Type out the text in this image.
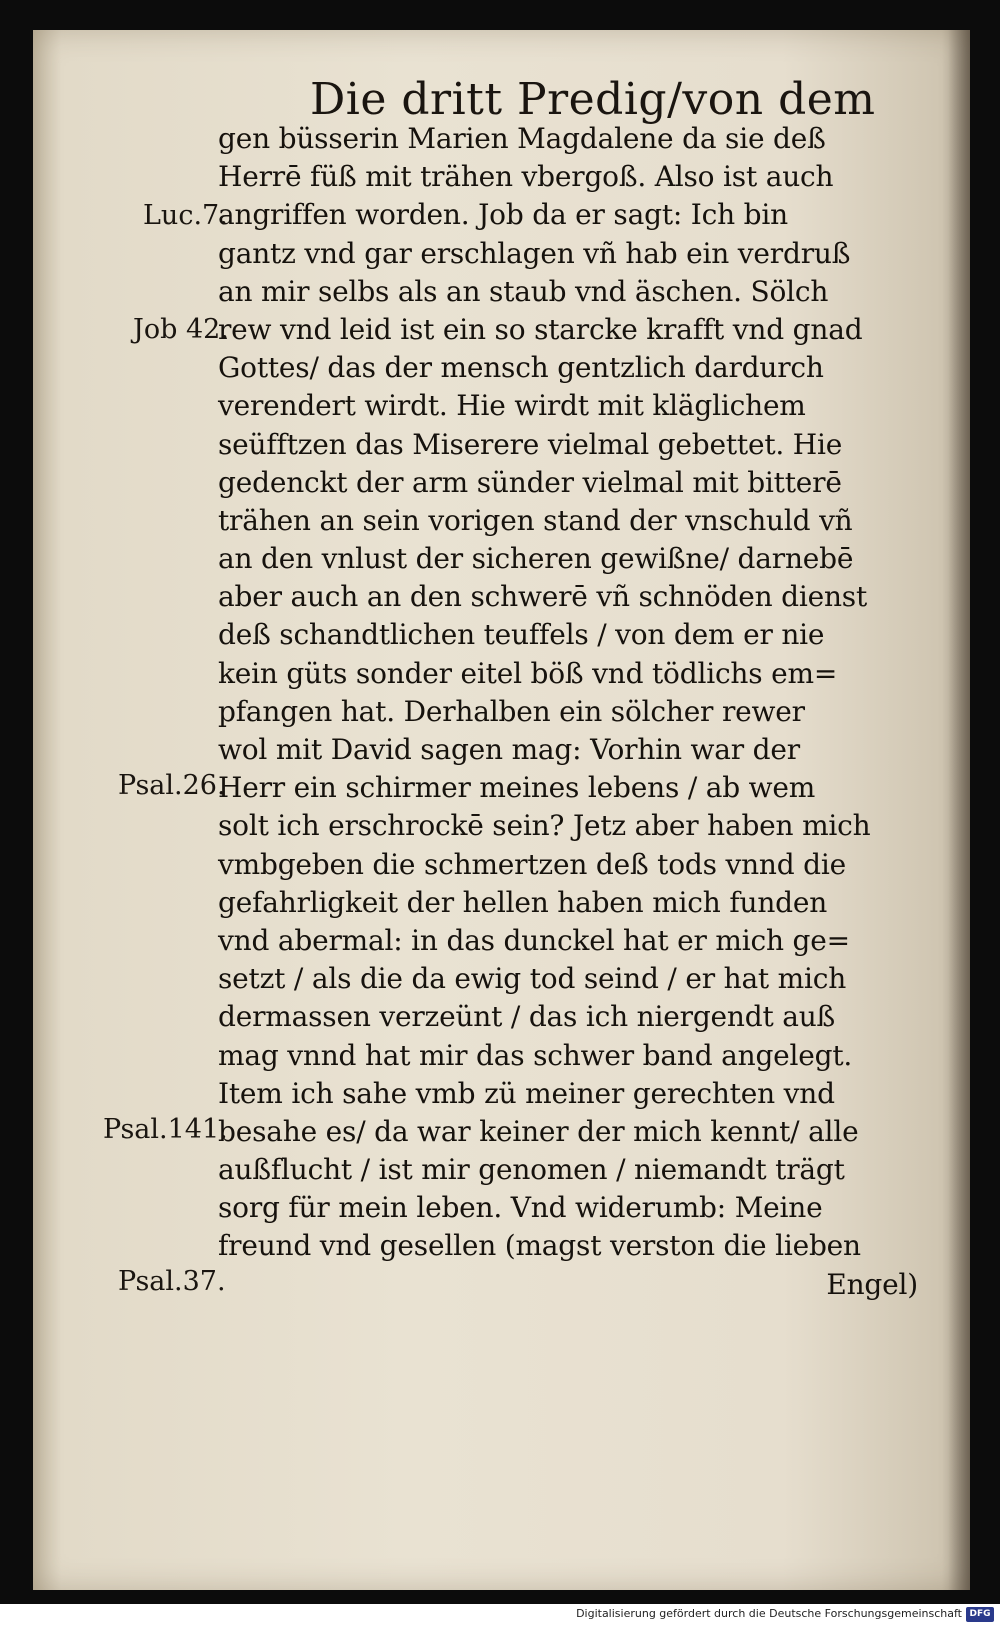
Die dritt Predig/von dem
gen büsserin Marien Magdalene da sie deß
Herrē füß mit trähen vbergoß. Also ist auch
angriffen worden. Job da er sagt: Ich bin
gantz vnd gar erschlagen vñ hab ein verdruß
an mir selbs als an staub vnd äschen. Sölch
rew vnd leid ist ein so starcke krafft vnd gnad
Gottes/ das der mensch gentzlich dardurch
verendert wirdt. Hie wirdt mit kläglichem
seüfftzen das Miserere vielmal gebettet. Hie
gedenckt der arm sünder vielmal mit bitterē
trähen an sein vorigen stand der vnschuld vñ
an den vnlust der sicheren gewißne/ darnebē
aber auch an den schwerē vñ schnöden dienst
deß schandtlichen teuffels / von dem er nie
kein güts sonder eitel böß vnd tödlichs em=
pfangen hat. Derhalben ein sölcher rewer
wol mit David sagen mag: Vorhin war der
Herr ein schirmer meines lebens / ab wem
solt ich erschrockē sein? Jetz aber haben mich
vmbgeben die schmertzen deß tods vnnd die
gefahrligkeit der hellen haben mich funden
vnd abermal: in das dunckel hat er mich ge=
setzt / als die da ewig tod seind / er hat mich
dermassen verzeünt / das ich niergendt auß
mag vnnd hat mir das schwer band angelegt.
Item ich sahe vmb zü meiner gerechten vnd
besahe es/ da war keiner der mich kennt/ alle
außflucht / ist mir genomen / niemandt trägt
sorg für mein leben. Vnd widerumb: Meine
freund vnd gesellen (magst verston die lieben
Engel)
Luc.7.
Job 42.
Psal.26.
Psal.141.
Psal.37.
Digitalisierung gefördert durch die Deutsche Forschungsgemeinschaft DFG
